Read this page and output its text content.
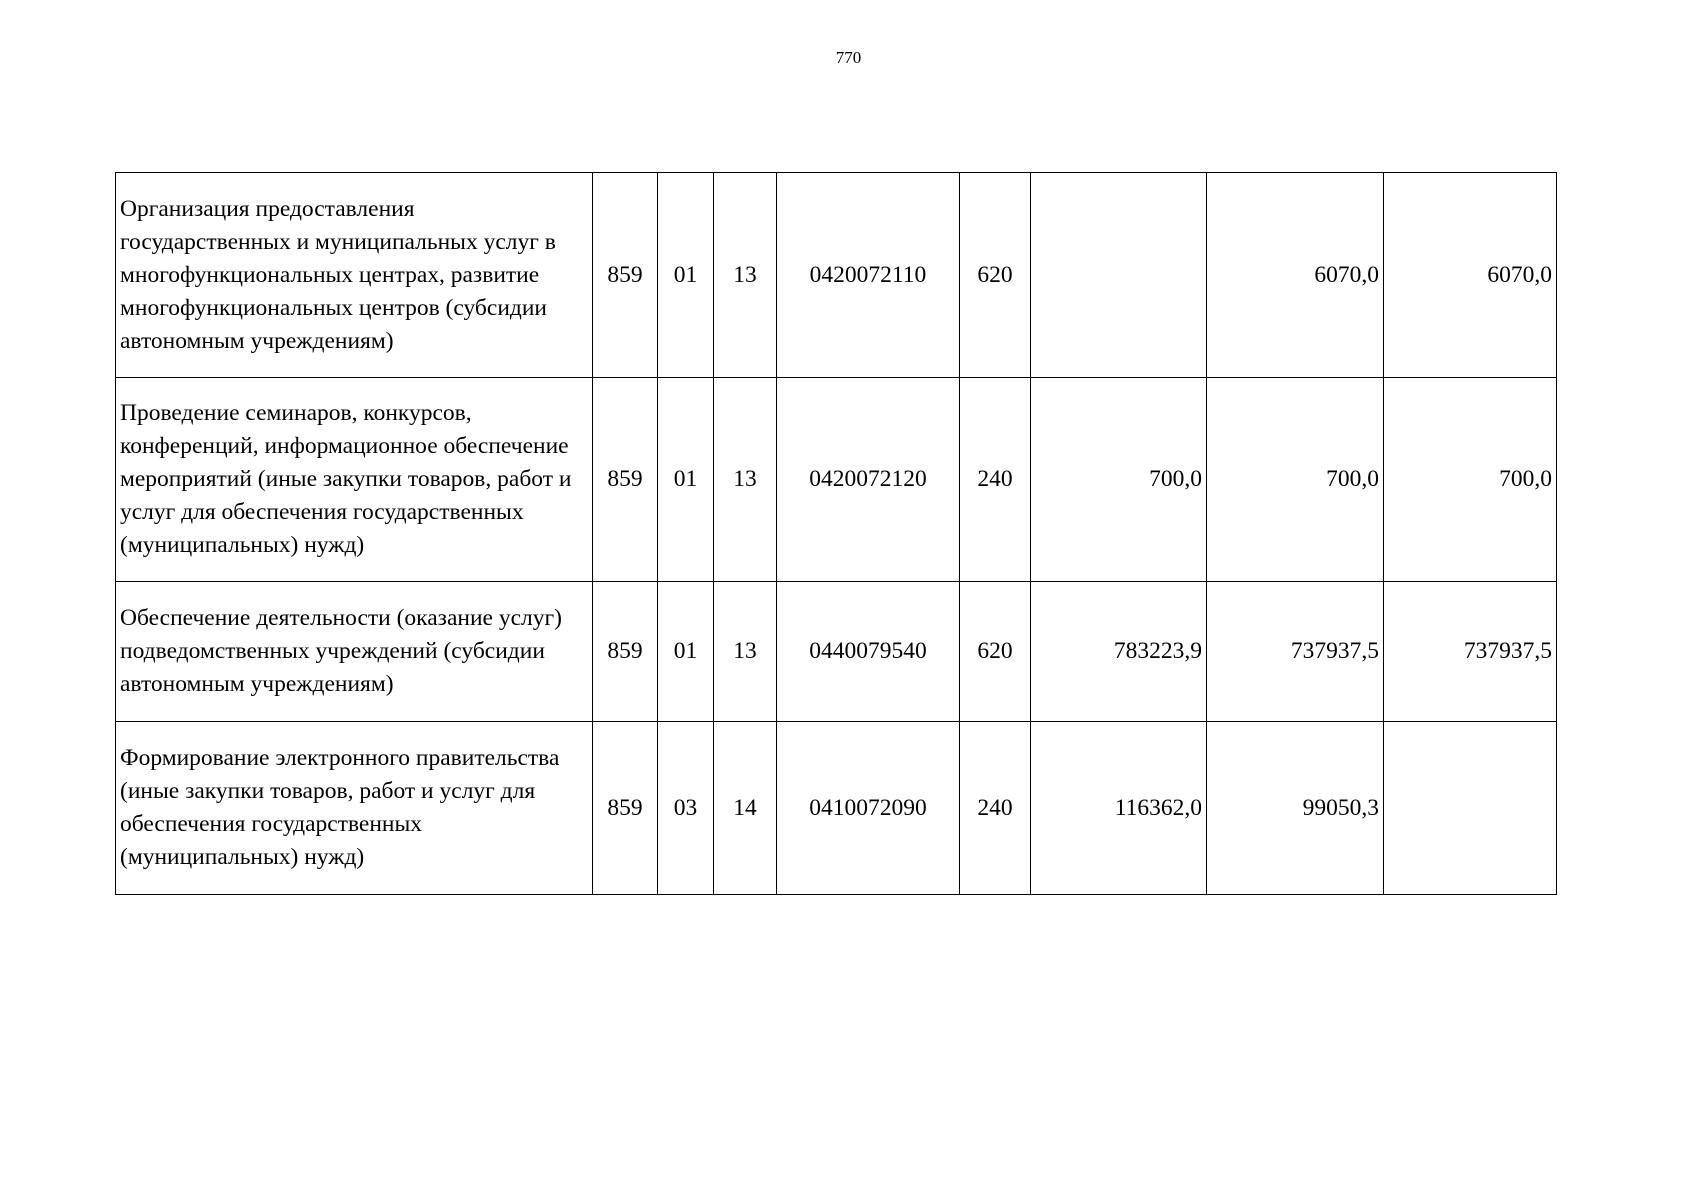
770
Организация предоставления государственных и муниципальных услуг в многофункциональных центрах, развитие многофункциональных центров (субсидии автономным учреждениям)	859	01	13	0420072110	620		6070,0	6070,0
Проведение семинаров, конкурсов, конференций, информационное обеспечение мероприятий (иные закупки товаров, работ и услуг для обеспечения государственных (муниципальных) нужд)	859	01	13	0420072120	240	700,0	700,0	700,0
Обеспечение деятельности (оказание услуг) подведомственных учреждений (субсидии автономным учреждениям)	859	01	13	0440079540	620	783223,9	737937,5	737937,5
Формирование электронного правительства (иные закупки товаров, работ и услуг для обеспечения государственных (муниципальных) нужд)	859	03	14	0410072090	240	116362,0	99050,3	
